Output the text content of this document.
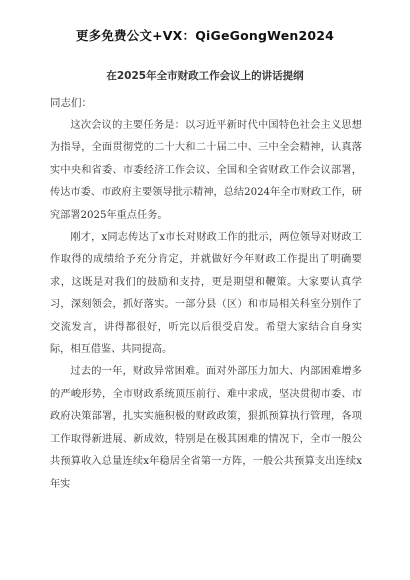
更多免费公文+VX：QiGeGongWen2024
在2025年全市财政工作会议上的讲话提纲
同志们：

这次会议的主要任务是：以习近平新时代中国特色社会主义思想为指导，全面贯彻党的二十大和二十届二中、三中全会精神，认真落实中央和省委、市委经济工作会议、全国和全省财政工作会议部署，传达市委、市政府主要领导批示精神，总结2024年全市财政工作，研究部署2025年重点任务。

刚才，x同志传达了x市长对财政工作的批示，两位领导对财政工作取得的成绩给予充分肯定，并就做好今年财政工作提出了明确要求，这既是对我们的鼓励和支持，更是期望和鞭策。大家要认真学习，深刻领会，抓好落实。一部分县（区）和市局相关科室分别作了交流发言，讲得都很好，听完以后很受启发。希望大家结合自身实际，相互借鉴、共同提高。

过去的一年，财政异常困难。面对外部压力加大、内部困难增多的严峻形势，全市财政系统顶压前行、难中求成，坚决贯彻市委、市政府决策部署，扎实实施积极的财政政策，狠抓预算执行管理，各项工作取得新进展、新成效，特别是在极其困难的情况下，全市一般公共预算收入总量连续x年稳居全省第一方阵，一般公共预算支出连续x年实
